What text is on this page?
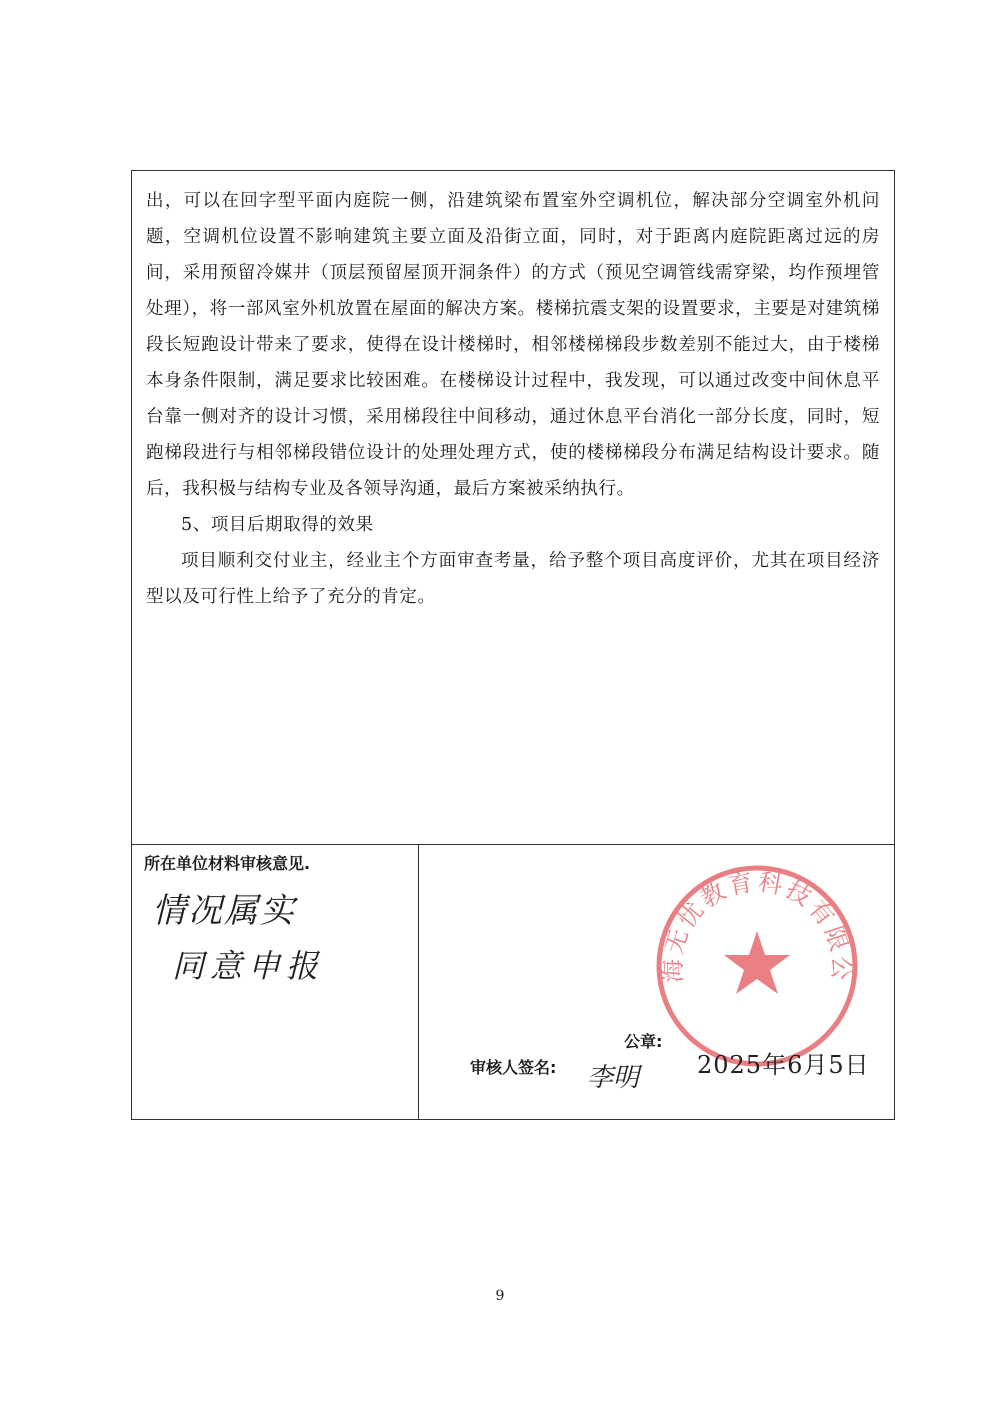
出，可以在回字型平面内庭院一侧，沿建筑梁布置室外空调机位，解决部分空调室外机问题，空调机位设置不影响建筑主要立面及沿街立面，同时，对于距离内庭院距离过远的房间，采用预留冷媒井（顶层预留屋顶开洞条件）的方式（预见空调管线需穿梁，均作预埋管处理），将一部风室外机放置在屋面的解决方案。楼梯抗震支架的设置要求，主要是对建筑梯段长短跑设计带来了要求，使得在设计楼梯时，相邻楼梯梯段步数差别不能过大，由于楼梯本身条件限制，满足要求比较困难。在楼梯设计过程中，我发现，可以通过改变中间休息平台靠一侧对齐的设计习惯，采用梯段往中间移动，通过休息平台消化一部分长度，同时，短跑梯段进行与相邻梯段错位设计的处理处理方式，使的楼梯梯段分布满足结构设计要求。随后，我积极与结构专业及各领导沟通，最后方案被采纳执行。

5、项目后期取得的效果

项目顺利交付业主，经业主个方面审查考量，给予整个项目高度评价，尤其在项目经济型以及可行性上给予了充分的肯定。

所在单位材料审核意见.
情况属实
同意申报	海无忧教育科技有限公
公章:
审核人签名: 李明 2025年6月5日
9
